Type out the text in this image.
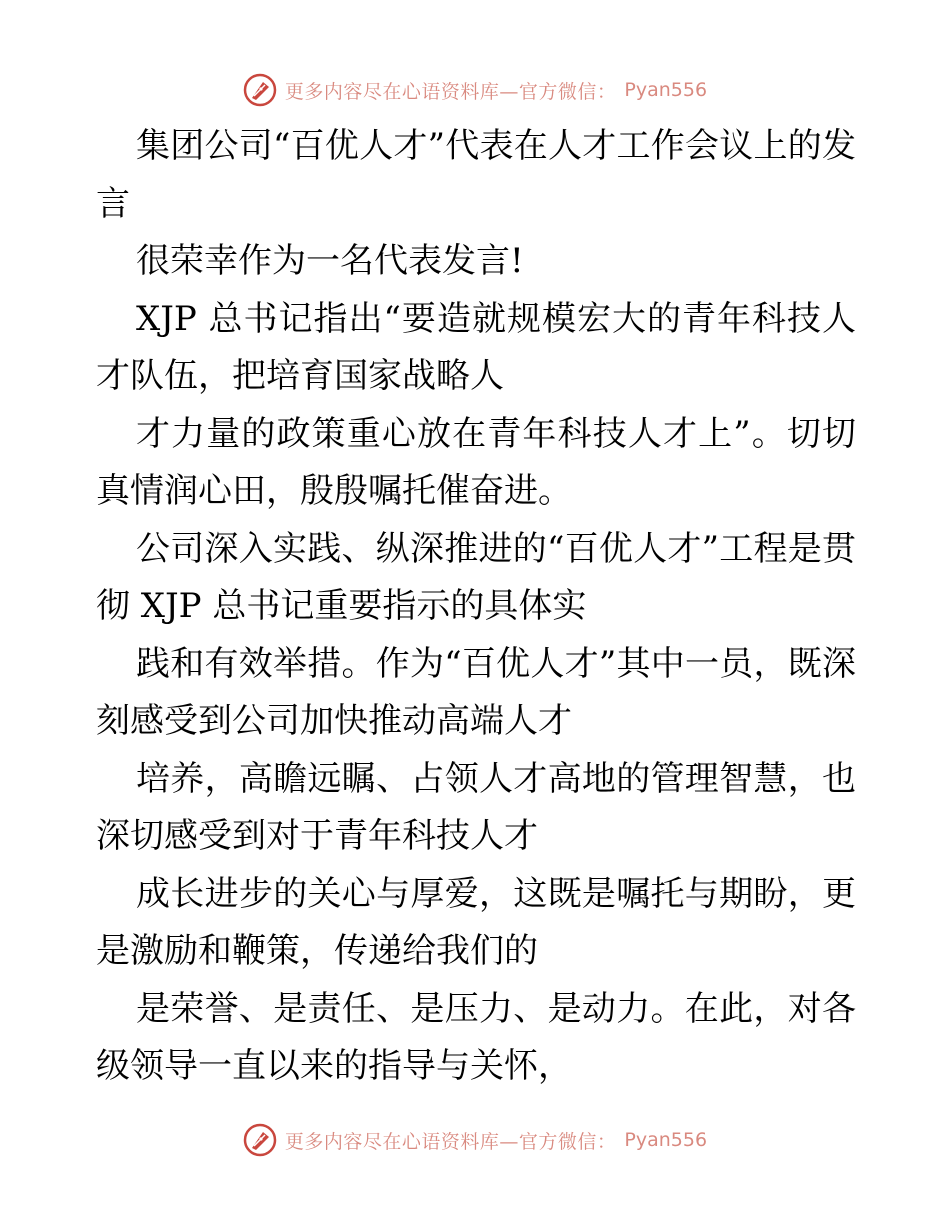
更多内容尽在心语资料库—官方微信： Pyan556

集团公司“百优人才”代表在人才工作会议上的发言

很荣幸作为一名代表发言!

XJP 总书记指出“要造就规模宏大的青年科技人才队伍，把培育国家战略人

才力量的政策重心放在青年科技人才上”。切切真情润心田，殷殷嘱托催奋进。

公司深入实践、纵深推进的“百优人才”工程是贯彻 XJP 总书记重要指示的具体实

践和有效举措。作为“百优人才”其中一员，既深刻感受到公司加快推动高端人才

培养，高瞻远瞩、占领人才高地的管理智慧，也深切感受到对于青年科技人才

成长进步的关心与厚爱，这既是嘱托与期盼，更是激励和鞭策，传递给我们的

是荣誉、是责任、是压力、是动力。在此，对各级领导一直以来的指导与关怀，

更多内容尽在心语资料库—官方微信： Pyan556
